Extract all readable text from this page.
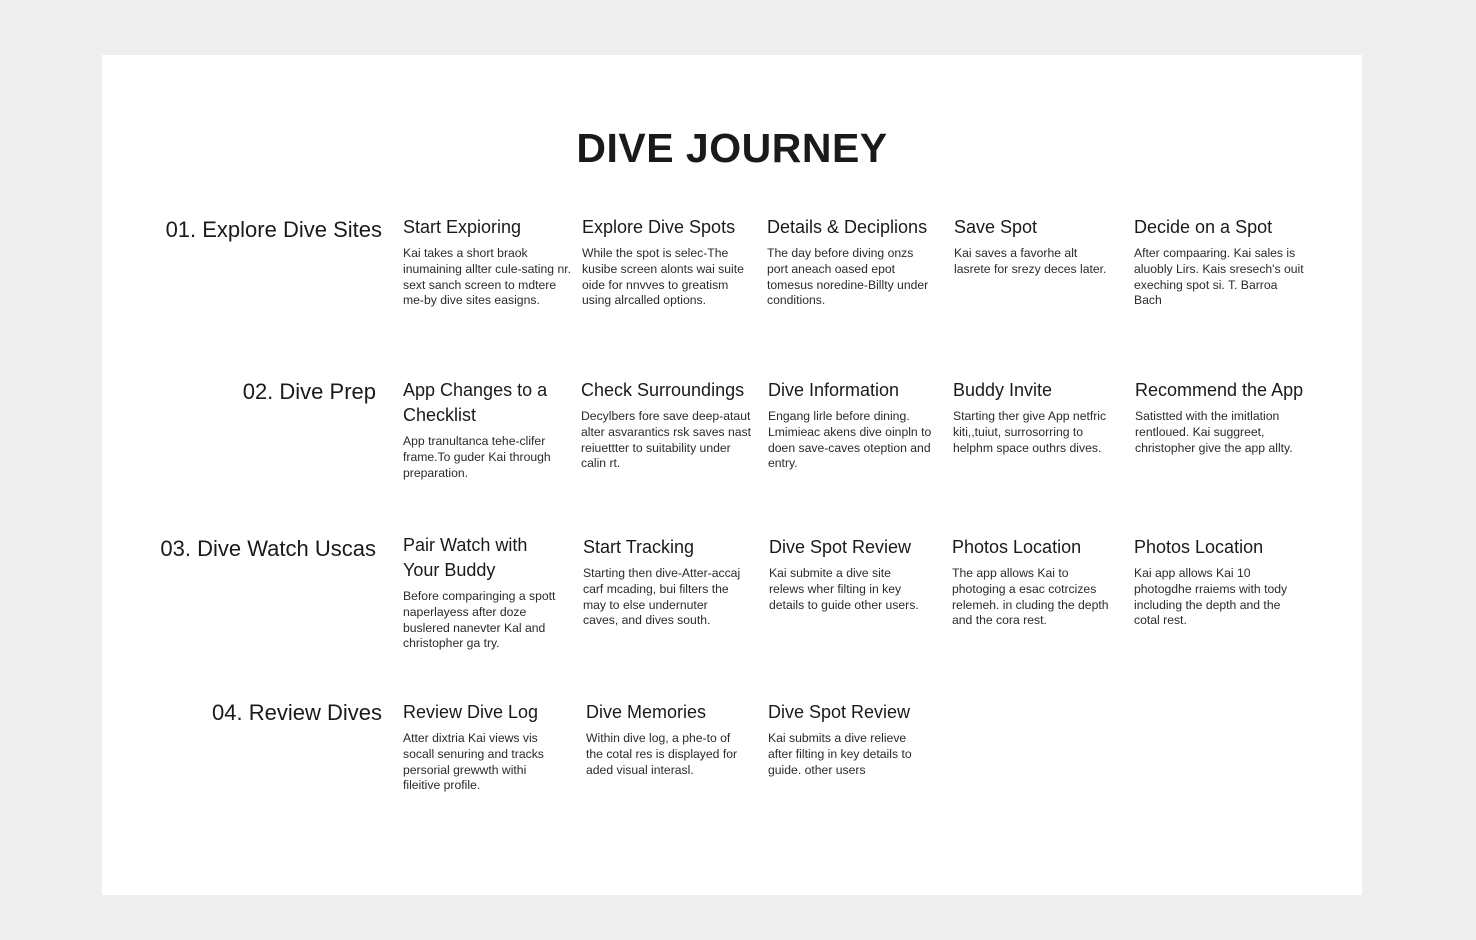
DIVE JOURNEY
01. Explore Dive Sites Start Expioring

Kai takes a short braok inumaining allter cule-sating nr. sext sanch screen to mdtere me-by dive sites easigns.

Explore Dive Spots

While the spot is selec-The kusibe screen alonts wai suite oide for nnvves to greatism using alrcalled options.

Details & Deciplions

The day before diving onzs port aneach oased epot tomesus noredine-Billty under conditions.

Save Spot

Kai saves a favorhe alt lasrete for srezy deces later.

Decide on a Spot

After compaaring. Kai sales is aluobly Lirs. Kais sresech's ouit exeching spot si. T. Barroa Bach

02. Dive Prep App Changes to a Checklist

App tranultanca tehe-clifer frame.To guder Kai through preparation.

Check Surroundings

Decylbers fore save deep-ataut alter asvarantics rsk saves nast reiuettter to suitability under calin rt.

Dive Information

Engang lirle before dining. Lmimieac akens dive oinpln to doen save-caves oteption and entry.

Buddy Invite

Starting ther give App netfric kiti,,tuiut, surrosorring to helphm space outhrs dives.

Recommend the App

Satistted with the imitlation rentloued. Kai suggreet, christopher give the app allty.

03. Dive Watch Uscas Pair Watch with Your Buddy

Before comparinging a spott naperlayess after doze buslered nanevter Kal and christopher ga try.

Start Tracking

Starting then dive-Atter-accaj carf mcading, bui filters the may to else undernuter caves, and dives south.

Dive Spot Review

Kai submite a dive site relews wher filting in key details to guide other users.

Photos Location

The app allows Kai to photoging a esac cotrcizes relemeh. in cluding the depth and the cora rest.

Photos Location

Kai app allows Kai 10 photogdhe rraiems with tody including the depth and the cotal rest.

04. Review Dives Review Dive Log

Atter dixtria Kai views vis socall senuring and tracks persorial grewwth withi fileitive profile.

Dive Memories

Within dive log, a phe-to of the cotal res is displayed for aded visual interasl.

Dive Spot Review

Kai submits a dive relieve after filting in key details to guide. other users
